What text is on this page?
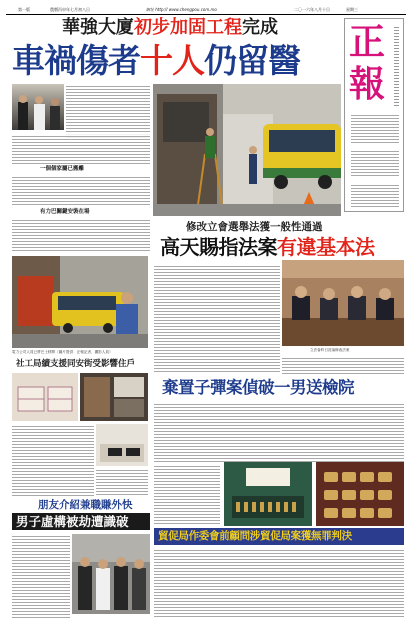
第一版	農曆丙申年七月初八日	網址 http:// www.chengpou.com.mo	二〇一六年八月十日	星期三
華強大廈初步加固工程完成
車禍傷者十人仍留醫	正
報
一個個家屬已搬離
有力巴關鍵安裝在場
修改立會選舉法獲一般性通過
高天賜指法案有違基本法
電力公司人員已將巴士移開（圖片提供：正報記者、攝影人員）
社工局續支援同安街受影響住戶
立法會昨日討論修改法案
棄置子彈案偵破一男送檢院
朋友介紹兼職賺外快
男子虛構被劫遭識破
貿促局作委會前顧問涉貿促局案獲無罪判決
